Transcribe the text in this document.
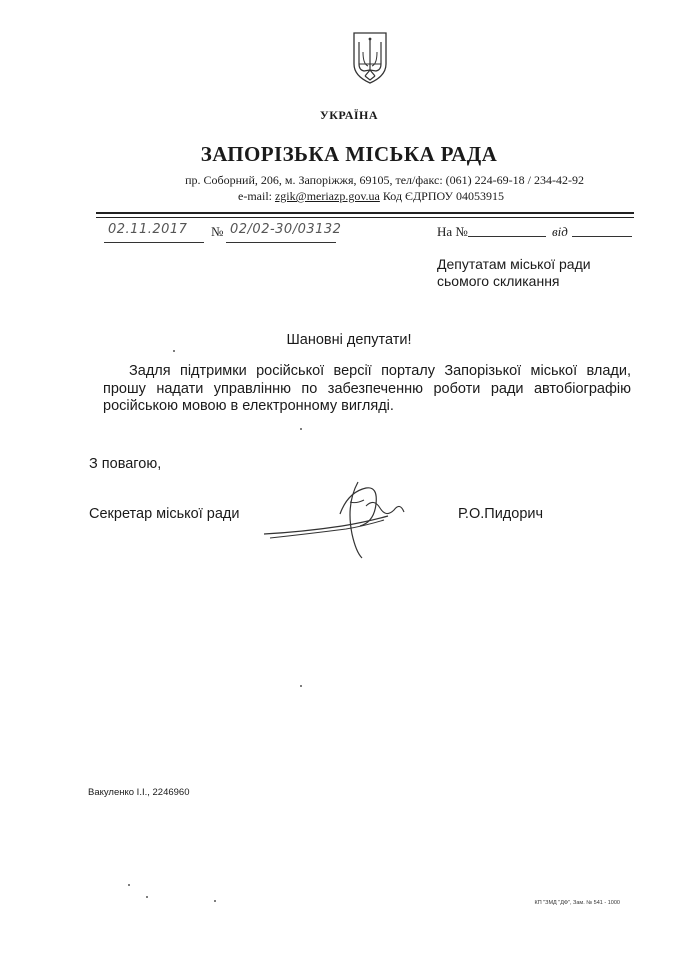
УКРАЇНА
ЗАПОРІЗЬКА МІСЬКА РАДА
пр. Соборний, 206, м. Запоріжжя, 69105, тел/факс: (061) 224-69-18 / 234-42-92
e-mail: zgik@meriazp.gov.ua Код ЄДРПОУ 04053915
02.11.2017 № 02/02-30/03132	На №	від
Депутатам міської ради
сьомого скликання
Шановні депутати!
Задля підтримки російської версії порталу Запорізької міської влади, прошу надати управлінню по забезпеченню роботи ради автобіографію російською мовою в електронному вигляді.
З повагою,
Секретар міської ради	Р.О.Пидорич
Вакуленко І.І., 2246960
КП "ЗМД "ДФ", Зам. № 541 - 1000
